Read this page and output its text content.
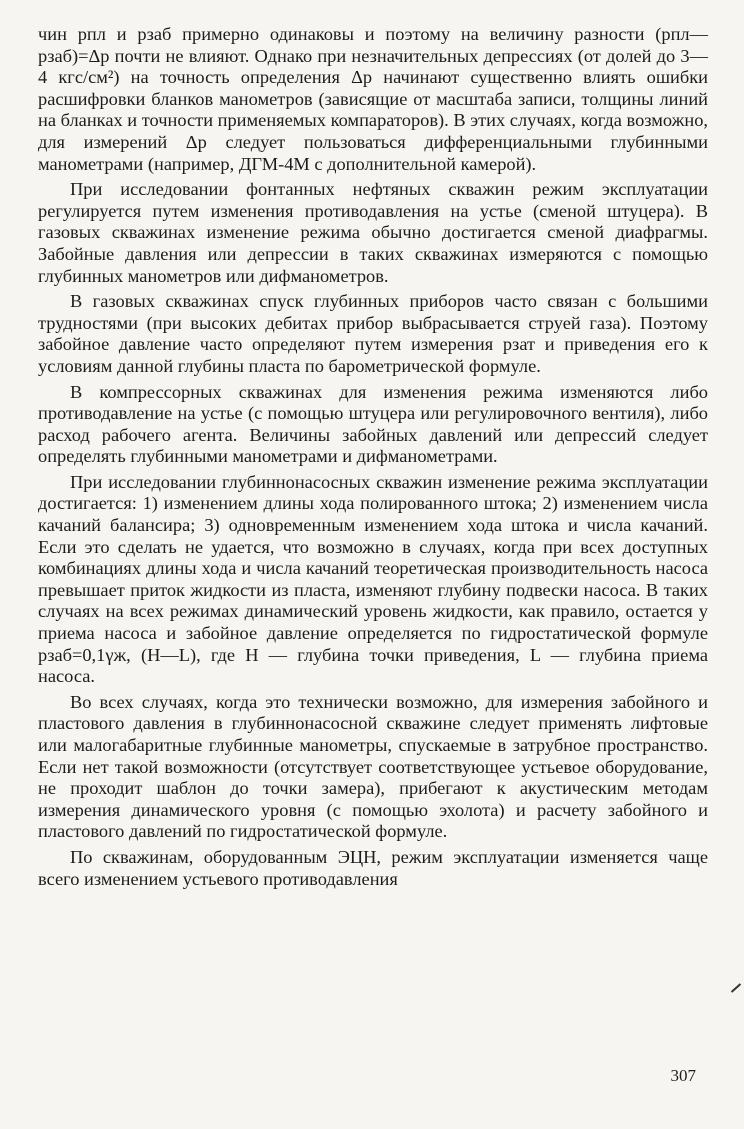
чин pпл и pзаб примерно одинаковы и поэтому на величину разности (pпл—pзаб)=Δp почти не влияют. Однако при незначительных депрессиях (от долей до 3—4 кгс/см²) на точность определения Δp начинают существенно влиять ошибки расшифровки бланков манометров (зависящие от масштаба записи, толщины линий на бланках и точности применяемых компараторов). В этих случаях, когда возможно, для измерений Δp следует пользоваться дифференциальными глубинными манометрами (например, ДГМ-4М с дополнительной камерой).

При исследовании фонтанных нефтяных скважин режим эксплуатации регулируется путем изменения противодавления на устье (сменой штуцера). В газовых скважинах изменение режима обычно достигается сменой диафрагмы. Забойные давления или депрессии в таких скважинах измеряются с помощью глубинных манометров или дифманометров.

В газовых скважинах спуск глубинных приборов часто связан с большими трудностями (при высоких дебитах прибор выбрасывается струей газа). Поэтому забойное давление часто определяют путем измерения pзат и приведения его к условиям данной глубины пласта по барометрической формуле.

В компрессорных скважинах для изменения режима изменяются либо противодавление на устье (с помощью штуцера или регулировочного вентиля), либо расход рабочего агента. Величины забойных давлений или депрессий следует определять глубинными манометрами и дифманометрами.

При исследовании глубиннонасосных скважин изменение режима эксплуатации достигается: 1) изменением длины хода полированного штока; 2) изменением числа качаний балансира; 3) одновременным изменением хода штока и числа качаний. Если это сделать не удается, что возможно в случаях, когда при всех доступных комбинациях длины хода и числа качаний теоретическая производительность насоса превышает приток жидкости из пласта, изменяют глубину подвески насоса. В таких случаях на всех режимах динамический уровень жидкости, как правило, остается у приема насоса и забойное давление определяется по гидростатической формуле pзаб=0,1γж, (H—L), где H — глубина точки приведения, L — глубина приема насоса.

Во всех случаях, когда это технически возможно, для измерения забойного и пластового давления в глубиннонасосной скважине следует применять лифтовые или малогабаритные глубинные манометры, спускаемые в затрубное пространство. Если нет такой возможности (отсутствует соответствующее устьевое оборудование, не проходит шаблон до точки замера), прибегают к акустическим методам измерения динамического уровня (с помощью эхолота) и расчету забойного и пластового давлений по гидростатической формуле.

По скважинам, оборудованным ЭЦН, режим эксплуатации изменяется чаще всего изменением устьевого противодавления

307
